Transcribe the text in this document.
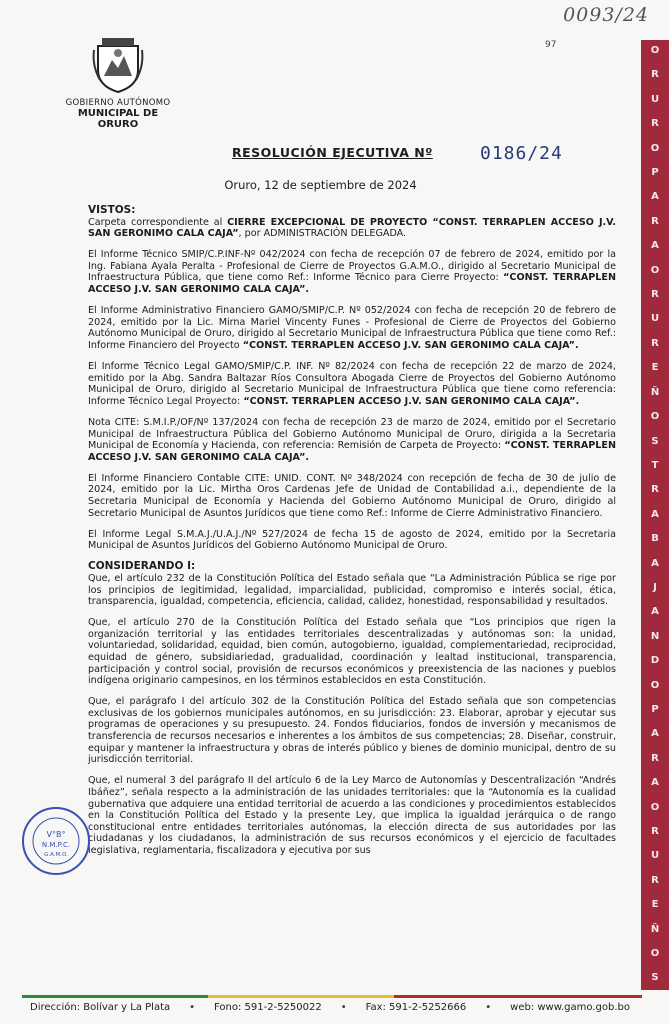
0093/24
97
GOBIERNO AUTÓNOMO
MUNICIPAL DE ORURO
O
R
U
R
O
P
A
R
A
O
R
U
R
E
Ñ
O
S
T
R
A
B
A
J
A
N
D
O
P
A
R
A
O
R
U
R
E
Ñ
O
S
RESOLUCIÓN EJECUTIVA Nº	0186/24
Oruro, 12 de septiembre de 2024

VISTOS:

Carpeta correspondiente al CIERRE EXCEPCIONAL DE PROYECTO “CONST. TERRAPLEN ACCESO J.V. SAN GERONIMO CALA CAJA”, por ADMINISTRACIÓN DELEGADA.

El Informe Técnico SMIP/C.P.INF-Nº 042/2024 con fecha de recepción 07 de febrero de 2024, emitido por la Ing. Fabiana Ayala Peralta - Profesional de Cierre de Proyectos G.A.M.O., dirigido al Secretario Municipal de Infraestructura Pública, que tiene como Ref.: Informe Técnico para Cierre Proyecto: “CONST. TERRAPLEN ACCESO J.V. SAN GERONIMO CALA CAJA”.

El Informe Administrativo Financiero GAMO/SMIP/C.P. Nº 052/2024 con fecha de recepción 20 de febrero de 2024, emitido por la Lic. Mirna Mariel Vincenty Funes - Profesional de Cierre de Proyectos del Gobierno Autónomo Municipal de Oruro, dirigido al Secretario Municipal de Infraestructura Pública que tiene como Ref.: Informe Financiero del Proyecto “CONST. TERRAPLEN ACCESO J.V. SAN GERONIMO CALA CAJA”.

El Informe Técnico Legal GAMO/SMIP/C.P. INF. Nº 82/2024 con fecha de recepción 22 de marzo de 2024, emitido por la Abg. Sandra Baltazar Ríos Consultora Abogada Cierre de Proyectos del Gobierno Autónomo Municipal de Oruro, dirigido al Secretario Municipal de Infraestructura Pública que tiene como referencia: Informe Técnico Legal Proyecto: “CONST. TERRAPLEN ACCESO J.V. SAN GERONIMO CALA CAJA”.

Nota CITE: S.M.I.P./OF/Nº 137/2024 con fecha de recepción 23 de marzo de 2024, emitido por el Secretario Municipal de Infraestructura Pública del Gobierno Autónomo Municipal de Oruro, dirigida a la Secretaria Municipal de Economía y Hacienda, con referencia: Remisión de Carpeta de Proyecto: “CONST. TERRAPLEN ACCESO J.V. SAN GERONIMO CALA CAJA”.

El Informe Financiero Contable CITE: UNID. CONT. Nº 348/2024 con recepción de fecha de 30 de julio de 2024, emitido por la Lic. Mirtha Oros Cardenas Jefe de Unidad de Contabilidad a.i., dependiente de la Secretaria Municipal de Economía y Hacienda del Gobierno Autónomo Municipal de Oruro, dirigido al Secretario Municipal de Asuntos Jurídicos que tiene como Ref.: Informe de Cierre Administrativo Financiero.

El Informe Legal S.M.A.J./U.A.J./Nº 527/2024 de fecha 15 de agosto de 2024, emitido por la Secretaria Municipal de Asuntos Jurídicos del Gobierno Autónomo Municipal de Oruro.

CONSIDERANDO I:

Que, el artículo 232 de la Constitución Política del Estado señala que “La Administración Pública se rige por los principios de legitimidad, legalidad, imparcialidad, publicidad, compromiso e interés social, ética, transparencia, igualdad, competencia, eficiencia, calidad, calidez, honestidad, responsabilidad y resultados.

Que, el artículo 270 de la Constitución Política del Estado señala que “Los principios que rigen la organización territorial y las entidades territoriales descentralizadas y autónomas son: la unidad, voluntariedad, solidaridad, equidad, bien común, autogobierno, igualdad, complementariedad, reciprocidad, equidad de género, subsidiariedad, gradualidad, coordinación y lealtad institucional, transparencia, participación y control social, provisión de recursos económicos y preexistencia de las naciones y pueblos indígena originario campesinos, en los términos establecidos en esta Constitución.

Que, el parágrafo I del artículo 302 de la Constitución Política del Estado señala que son competencias exclusivas de los gobiernos municipales autónomos, en su jurisdicción: 23. Elaborar, aprobar y ejecutar sus programas de operaciones y su presupuesto. 24. Fondos fiduciarios, fondos de inversión y mecanismos de transferencia de recursos necesarios e inherentes a los ámbitos de sus competencias; 28. Diseñar, construir, equipar y mantener la infraestructura y obras de interés público y bienes de dominio municipal, dentro de su jurisdicción territorial.

Que, el numeral 3 del parágrafo II del artículo 6 de la Ley Marco de Autonomías y Descentralización “Andrés Ibáñez”, señala respecto a la administración de las unidades territoriales: que la “Autonomía es la cualidad gubernativa que adquiere una entidad territorial de acuerdo a las condiciones y procedimientos establecidos en la Constitución Política del Estado y la presente Ley, que implica la igualdad jerárquica o de rango constitucional entre entidades territoriales autónomas, la elección directa de sus autoridades por las ciudadanas y los ciudadanos, la administración de sus recursos económicos y el ejercicio de facultades legislativa, reglamentaria, fiscalizadora y ejecutiva por sus

V°B°
N.M.P.C.
G.A.M.O.
Dirección: Bolívar y La Plata • Fono: 591-2-5250022 • Fax: 591-2-5252666 • web: www.gamo.gob.bo
